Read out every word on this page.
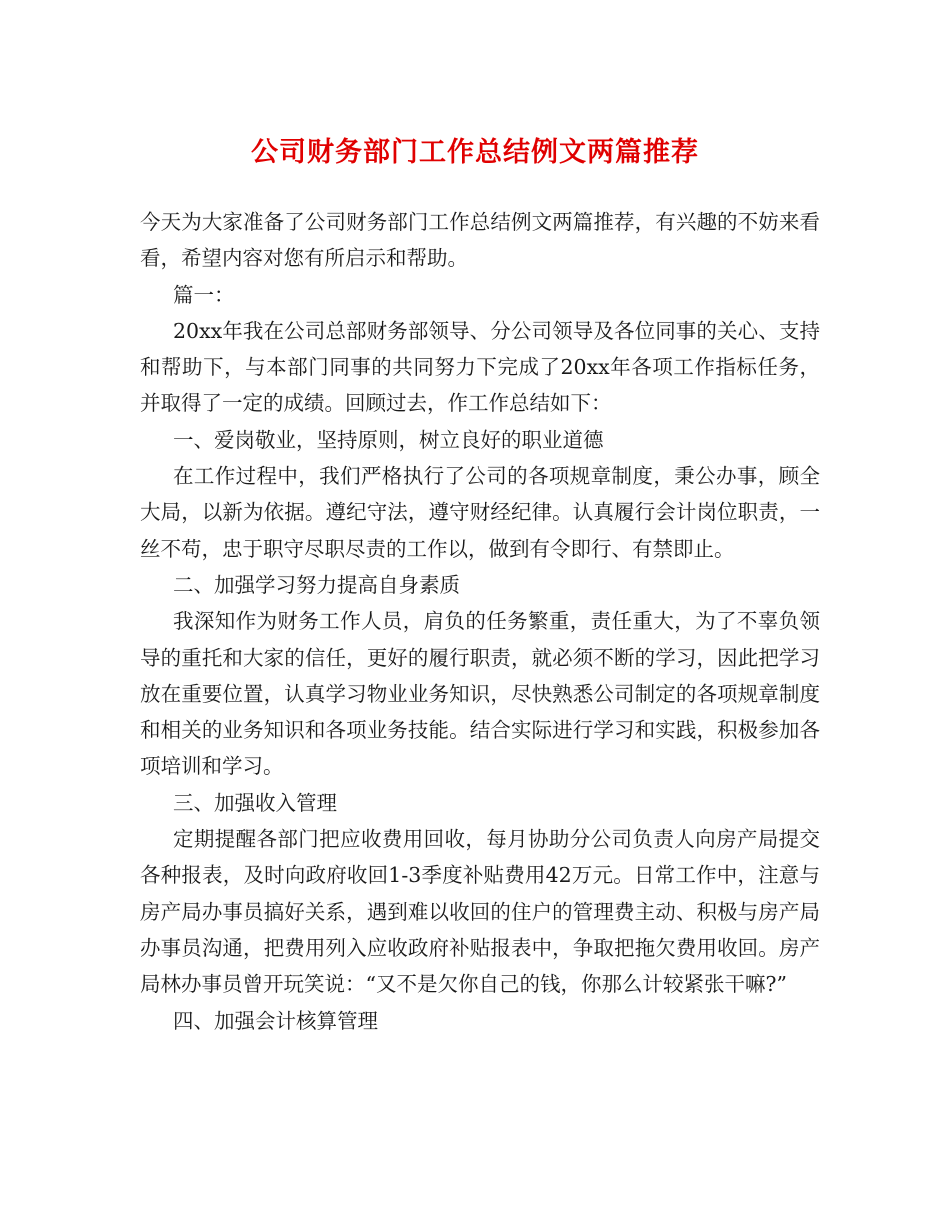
公司财务部门工作总结例文两篇推荐

今天为大家准备了公司财务部门工作总结例文两篇推荐，有兴趣的不妨来看看，希望内容对您有所启示和帮助。

篇一：

20xx年我在公司总部财务部领导、分公司领导及各位同事的关心、支持和帮助下，与本部门同事的共同努力下完成了20xx年各项工作指标任务，并取得了一定的成绩。回顾过去，作工作总结如下：

一、爱岗敬业，坚持原则，树立良好的职业道德

在工作过程中，我们严格执行了公司的各项规章制度，秉公办事，顾全大局，以新为依据。遵纪守法，遵守财经纪律。认真履行会计岗位职责，一丝不苟，忠于职守尽职尽责的工作以，做到有令即行、有禁即止。

二、加强学习努力提高自身素质

我深知作为财务工作人员，肩负的任务繁重，责任重大，为了不辜负领导的重托和大家的信任，更好的履行职责，就必须不断的学习，因此把学习放在重要位置，认真学习物业业务知识，尽快熟悉公司制定的各项规章制度和相关的业务知识和各项业务技能。结合实际进行学习和实践，积极参加各项培训和学习。

三、加强收入管理

定期提醒各部门把应收费用回收，每月协助分公司负责人向房产局提交各种报表，及时向政府收回1-3季度补贴费用42万元。日常工作中，注意与房产局办事员搞好关系，遇到难以收回的住户的管理费主动、积极与房产局办事员沟通，把费用列入应收政府补贴报表中，争取把拖欠费用收回。房产局林办事员曾开玩笑说：“又不是欠你自己的钱，你那么计较紧张干嘛?”

四、加强会计核算管理
